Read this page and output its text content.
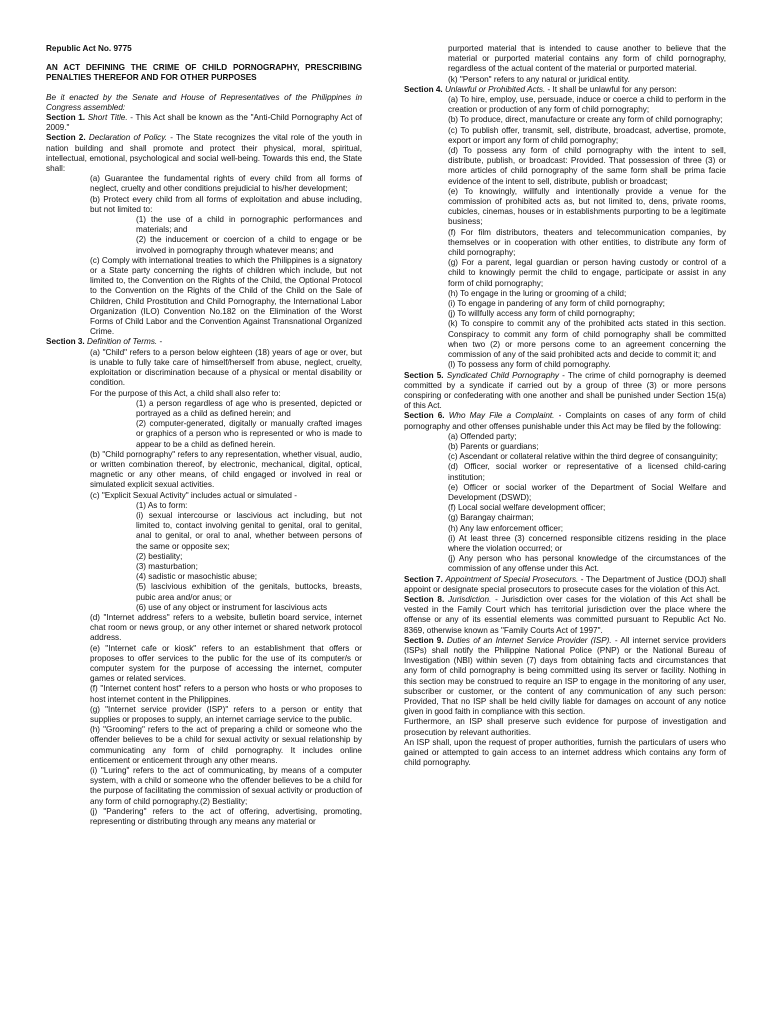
Republic Act No. 9775

AN ACT DEFINING THE CRIME OF CHILD PORNOGRAPHY, PRESCRIBING PENALTIES THEREFOR AND FOR OTHER PURPOSES

Be it enacted by the Senate and House of Representatives of the Philippines in Congress assembled:

Section 1. Short Title. - This Act shall be known as the "Anti-Child Pornography Act of 2009."

Section 2. Declaration of Policy. - The State recognizes the vital role of the youth in nation building and shall promote and protect their physical, moral, spiritual, intellectual, emotional, psychological and social well-being. Towards this end, the State shall:

(a) Guarantee the fundamental rights of every child from all forms of neglect, cruelty and other conditions prejudicial to his/her development;

(b) Protect every child from all forms of exploitation and abuse including, but not limited to:

(1) the use of a child in pornographic performances and materials; and

(2) the inducement or coercion of a child to engage or be involved in pornography through whatever means; and

(c) Comply with international treaties to which the Philippines is a signatory or a State party concerning the rights of children which include, but not limited to, the Convention on the Rights of the Child, the Optional Protocol to the Convention on the Rights of the Child of the Child on the Sale of Children, Child Prostitution and Child Pornography, the International Labor Organization (ILO) Convention No.182 on the Elimination of the Worst Forms of Child Labor and the Convention Against Transnational Organized Crime.

Section 3. Definition of Terms. -

(a) "Child" refers to a person below eighteen (18) years of age or over, but is unable to fully take care of himself/herself from abuse, neglect, cruelty, exploitation or discrimination because of a physical or mental disability or condition.

For the purpose of this Act, a child shall also refer to:

(1) a person regardless of age who is presented, depicted or portrayed as a child as defined herein; and

(2) computer-generated, digitally or manually crafted images or graphics of a person who is represented or who is made to appear to be a child as defined herein.

(b) "Child pornography" refers to any representation, whether visual, audio, or written combination thereof, by electronic, mechanical, digital, optical, magnetic or any other means, of child engaged or involved in real or simulated explicit sexual activities.

(c) "Explicit Sexual Activity" includes actual or simulated -

(1) As to form:

(i) sexual intercourse or lascivious act including, but not limited to, contact involving genital to genital, oral to genital, anal to genital, or oral to anal, whether between persons of the same or opposite sex;

(2) bestiality;

(3) masturbation;

(4) sadistic or masochistic abuse;

(5) lascivious exhibition of the genitals, buttocks, breasts, pubic area and/or anus; or

(6) use of any object or instrument for lascivious acts

(d) "Internet address" refers to a website, bulletin board service, internet chat room or news group, or any other internet or shared network protocol address.

(e) "Internet cafe or kiosk" refers to an establishment that offers or proposes to offer services to the public for the use of its computer/s or computer system for the purpose of accessing the internet, computer games or related services.

(f) "Internet content host" refers to a person who hosts or who proposes to host internet content in the Philippines.

(g) "Internet service provider (ISP)" refers to a person or entity that supplies or proposes to supply, an internet carriage service to the public.

(h) "Grooming" refers to the act of preparing a child or someone who the offender believes to be a child for sexual activity or sexual relationship by communicating any form of child pornography. It includes online enticement or enticement through any other means.

(i) "Luring" refers to the act of communicating, by means of a computer system, with a child or someone who the offender believes to be a child for the purpose of facilitating the commission of sexual activity or production of any form of child pornography.(2) Bestiality;

(j) "Pandering" refers to the act of offering, advertising, promoting, representing or distributing through any means any material or

purported material that is intended to cause another to believe that the material or purported material contains any form of child pornography, regardless of the actual content of the material or purported material.

(k) "Person" refers to any natural or juridical entity.

Section 4. Unlawful or Prohibited Acts. - It shall be unlawful for any person:

(a) To hire, employ, use, persuade, induce or coerce a child to perform in the creation or production of any form of child pornography;

(b) To produce, direct, manufacture or create any form of child pornography;

(c) To publish offer, transmit, sell, distribute, broadcast, advertise, promote, export or import any form of child pornography;

(d) To possess any form of child pornography with the intent to sell, distribute, publish, or broadcast: Provided. That possession of three (3) or more articles of child pornography of the same form shall be prima facie evidence of the intent to sell, distribute, publish or broadcast;

(e) To knowingly, willfully and intentionally provide a venue for the commission of prohibited acts as, but not limited to, dens, private rooms, cubicles, cinemas, houses or in establishments purporting to be a legitimate business;

(f) For film distributors, theaters and telecommunication companies, by themselves or in cooperation with other entities, to distribute any form of child pornography;

(g) For a parent, legal guardian or person having custody or control of a child to knowingly permit the child to engage, participate or assist in any form of child pornography;

(h) To engage in the luring or grooming of a child;

(i) To engage in pandering of any form of child pornography;

(j) To willfully access any form of child pornography;

(k) To conspire to commit any of the prohibited acts stated in this section. Conspiracy to commit any form of child pornography shall be committed when two (2) or more persons come to an agreement concerning the commission of any of the said prohibited acts and decide to commit it; and

(l) To possess any form of child pornography.

Section 5. Syndicated Child Pornography - The crime of child pornography is deemed committed by a syndicate if carried out by a group of three (3) or more persons conspiring or confederating with one another and shall be punished under Section 15(a) of this Act.

Section 6. Who May File a Complaint. - Complaints on cases of any form of child pornography and other offenses punishable under this Act may be filed by the following:

(a) Offended party;

(b) Parents or guardians;

(c) Ascendant or collateral relative within the third degree of consanguinity;

(d) Officer, social worker or representative of a licensed child-caring institution;

(e) Officer or social worker of the Department of Social Welfare and Development (DSWD);

(f) Local social welfare development officer;

(g) Barangay chairman;

(h) Any law enforcement officer;

(i) At least three (3) concerned responsible citizens residing in the place where the violation occurred; or

(j) Any person who has personal knowledge of the circumstances of the commission of any offense under this Act.

Section 7. Appointment of Special Prosecutors. - The Department of Justice (DOJ) shall appoint or designate special prosecutors to prosecute cases for the violation of this Act.

Section 8. Jurisdiction. - Jurisdiction over cases for the violation of this Act shall be vested in the Family Court which has territorial jurisdiction over the place where the offense or any of its essential elements was committed pursuant to Republic Act No. 8369, otherwise known as "Family Courts Act of 1997".

Section 9. Duties of an Internet Service Provider (ISP). - All internet service providers (ISPs) shall notify the Philippine National Police (PNP) or the National Bureau of Investigation (NBI) within seven (7) days from obtaining facts and circumstances that any form of child pornography is being committed using its server or facility. Nothing in this section may be construed to require an ISP to engage in the monitoring of any user, subscriber or customer, or the content of any communication of any such person: Provided, That no ISP shall be held civilly liable for damages on account of any notice given in good faith in compliance with this section.

Furthermore, an ISP shall preserve such evidence for purpose of investigation and prosecution by relevant authorities.

An ISP shall, upon the request of proper authorities, furnish the particulars of users who gained or attempted to gain access to an internet address which contains any form of child pornography.
